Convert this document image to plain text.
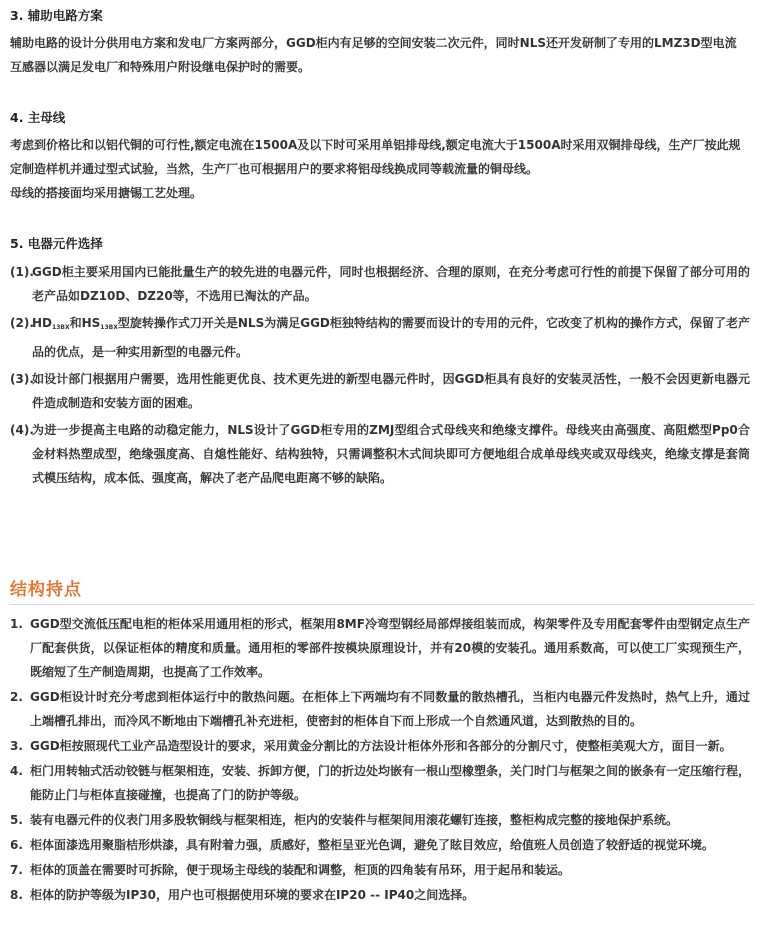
3. 辅助电路方案
辅助电路的设计分供用电方案和发电厂方案两部分，GGD柜内有足够的空间安装二次元件，同时NLS还开发研制了专用的LMZ3D型电流互感器以满足发电厂和特殊用户附设继电保护时的需要。
4. 主母线
考虑到价格比和以铝代铜的可行性,额定电流在1500A及以下时可采用单铝排母线,额定电流大于1500A时采用双铜排母线，生产厂按此规定制造样机并通过型式试验，当然，生产厂也可根据用户的要求将铝母线换成同等载流量的铜母线。
母线的搭接面均采用搪锡工艺处理。
5. 电器元件选择
(1).
GGD柜主要采用国内已能批量生产的较先进的电器元件，同时也根据经济、合理的原则，在充分考虑可行性的前提下保留了部分可用的老产品如DZ10D、DZ20等，不选用已淘汰的产品。
(2).
$HD_{13BX}$和$HS_{13BX}$型旋转操作式刀开关是NLS为满足GGD柜独特结构的需要而设计的专用的元件，它改变了机构的操作方式，保留了老产品的优点，是一种实用新型的电器元件。
(3).
如设计部门根据用户需要，选用性能更优良、技术更先进的新型电器元件时，因GGD柜具有良好的安装灵活性，一般不会因更新电器元件造成制造和安装方面的困难。
(4).
为进一步提高主电路的动稳定能力，NLS设计了GGD柜专用的ZMJ型组合式母线夹和绝缘支撑件。母线夹由高强度、高阻燃型Pp0合金材料热塑成型，绝缘强度高、自熄性能好、结构独特，只需调整积木式间块即可方便地组合成单母线夹或双母线夹，绝缘支撑是套筒式模压结构，成本低、强度高，解决了老产品爬电距离不够的缺陷。
结构持点
1. GGD型交流低压配电柜的柜体采用通用柜的形式，框架用8MF冷弯型钢经局部焊接组装而成，构架零件及专用配套零件由型钢定点生产厂配套供货，以保证柜体的精度和质量。通用柜的零部件按模块原理设计，并有20模的安装孔。通用系数高，可以使工厂实现预生产，既缩短了生产制造周期，也提高了工作效率。
2. GGD柜设计时充分考虑到柜体运行中的散热问题。在柜体上下两端均有不同数量的散热槽孔，当柜内电器元件发热时，热气上升，通过上端槽孔排出，而冷风不断地由下端槽孔补充进柜，使密封的柜体自下而上形成一个自然通风道，达到散热的目的。
3. GGD柜按照现代工业产品造型设计的要求，采用黄金分割比的方法设计柜体外形和各部分的分割尺寸，使整柜美观大方，面目一新。
4. 柜门用转轴式活动铰链与框架相连，安装、拆卸方便，门的折边处均嵌有一根山型橡塑条，关门时门与框架之间的嵌条有一定压缩行程，能防止门与柜体直接碰撞，也提高了门的防护等级。
5. 装有电器元件的仪表门用多股软铜线与框架相连，柜内的安装件与框架间用滚花螺钉连接，整柜构成完整的接地保护系统。
6. 柜体面漆选用聚脂桔形烘漆，具有附着力强，质感好，整柜呈亚光色调，避免了眩目效应，给值班人员创造了较舒适的视觉环境。
7. 柜体的顶盖在需要时可拆除，便于现场主母线的装配和调整，柜顶的四角装有吊环，用于起吊和装运。
8. 柜体的防护等级为IP30，用户也可根据使用环境的要求在IP20 -- IP40之间选择。
